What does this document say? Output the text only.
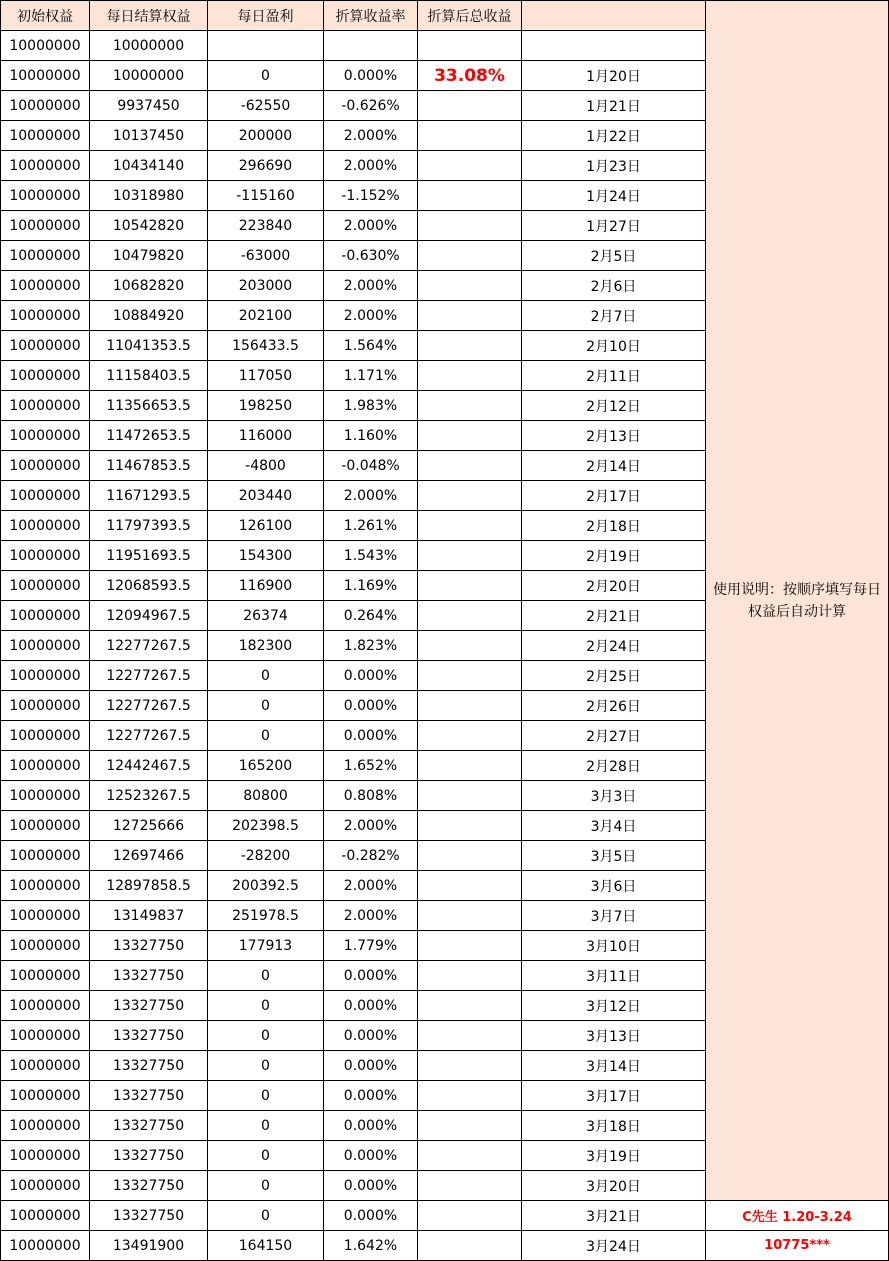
初始权益	每日结算权益	每日盈利	折算收益率	折算后总收益		使用说明：按顺序填写每日权益后自动计算
10000000	10000000					
10000000	10000000	0	0.000%	33.08%	1月20日	
10000000	9937450	-62550	-0.626%		1月21日	
10000000	10137450	200000	2.000%		1月22日	
10000000	10434140	296690	2.000%		1月23日	
10000000	10318980	-115160	-1.152%		1月24日	
10000000	10542820	223840	2.000%		1月27日	
10000000	10479820	-63000	-0.630%		2月5日	
10000000	10682820	203000	2.000%		2月6日	
10000000	10884920	202100	2.000%		2月7日	
10000000	11041353.5	156433.5	1.564%		2月10日	
10000000	11158403.5	117050	1.171%		2月11日	
10000000	11356653.5	198250	1.983%		2月12日	
10000000	11472653.5	116000	1.160%		2月13日	
10000000	11467853.5	-4800	-0.048%		2月14日	
10000000	11671293.5	203440	2.000%		2月17日	
10000000	11797393.5	126100	1.261%		2月18日	
10000000	11951693.5	154300	1.543%		2月19日	
10000000	12068593.5	116900	1.169%		2月20日	
10000000	12094967.5	26374	0.264%		2月21日	
10000000	12277267.5	182300	1.823%		2月24日	
10000000	12277267.5	0	0.000%		2月25日	
10000000	12277267.5	0	0.000%		2月26日	
10000000	12277267.5	0	0.000%		2月27日	
10000000	12442467.5	165200	1.652%		2月28日	
10000000	12523267.5	80800	0.808%		3月3日	
10000000	12725666	202398.5	2.000%		3月4日	
10000000	12697466	-28200	-0.282%		3月5日	
10000000	12897858.5	200392.5	2.000%		3月6日	
10000000	13149837	251978.5	2.000%		3月7日	
10000000	13327750	177913	1.779%		3月10日	
10000000	13327750	0	0.000%		3月11日	
10000000	13327750	0	0.000%		3月12日	
10000000	13327750	0	0.000%		3月13日	
10000000	13327750	0	0.000%		3月14日	
10000000	13327750	0	0.000%		3月17日	
10000000	13327750	0	0.000%		3月18日	
10000000	13327750	0	0.000%		3月19日	
10000000	13327750	0	0.000%		3月20日	
10000000	13327750	0	0.000%		3月21日	C先生 1.20-3.24
10000000	13491900	164150	1.642%		3月24日	10775***
